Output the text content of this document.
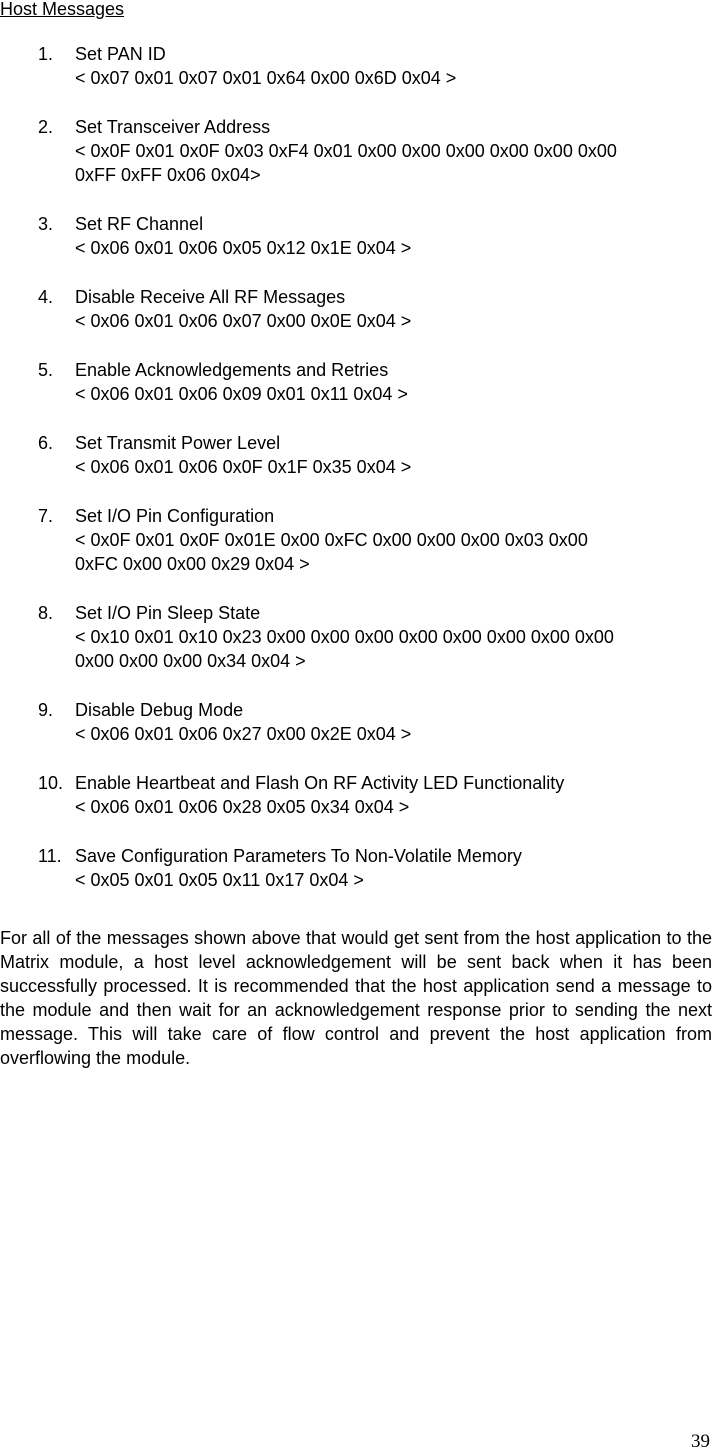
Host Messages
1. Set PAN ID
< 0x07 0x01 0x07 0x01 0x64 0x00 0x6D 0x04 >
2. Set Transceiver Address
< 0x0F 0x01 0x0F 0x03 0xF4 0x01 0x00 0x00 0x00 0x00 0x00 0x00
0xFF 0xFF 0x06 0x04>
3. Set RF Channel
< 0x06 0x01 0x06 0x05 0x12 0x1E 0x04 >
4. Disable Receive All RF Messages
< 0x06 0x01 0x06 0x07 0x00 0x0E 0x04 >
5. Enable Acknowledgements and Retries
< 0x06 0x01 0x06 0x09 0x01 0x11 0x04 >
6. Set Transmit Power Level
< 0x06 0x01 0x06 0x0F 0x1F 0x35 0x04 >
7. Set I/O Pin Configuration
< 0x0F 0x01 0x0F 0x01E 0x00 0xFC 0x00 0x00 0x00 0x03 0x00
0xFC 0x00 0x00 0x29 0x04 >
8. Set I/O Pin Sleep State
< 0x10 0x01 0x10 0x23 0x00 0x00 0x00 0x00 0x00 0x00 0x00 0x00
0x00 0x00 0x00 0x34 0x04 >
9. Disable Debug Mode
< 0x06 0x01 0x06 0x27 0x00 0x2E 0x04 >
10. Enable Heartbeat and Flash On RF Activity LED Functionality
< 0x06 0x01 0x06 0x28 0x05 0x34 0x04 >
11. Save Configuration Parameters To Non-Volatile Memory
< 0x05 0x01 0x05 0x11 0x17 0x04 >

For all of the messages shown above that would get sent from the host application to the Matrix module, a host level acknowledgement will be sent back when it has been successfully processed. It is recommended that the host application send a message to the module and then wait for an acknowledgement response prior to sending the next message. This will take care of flow control and prevent the host application from overflowing the module.

39
